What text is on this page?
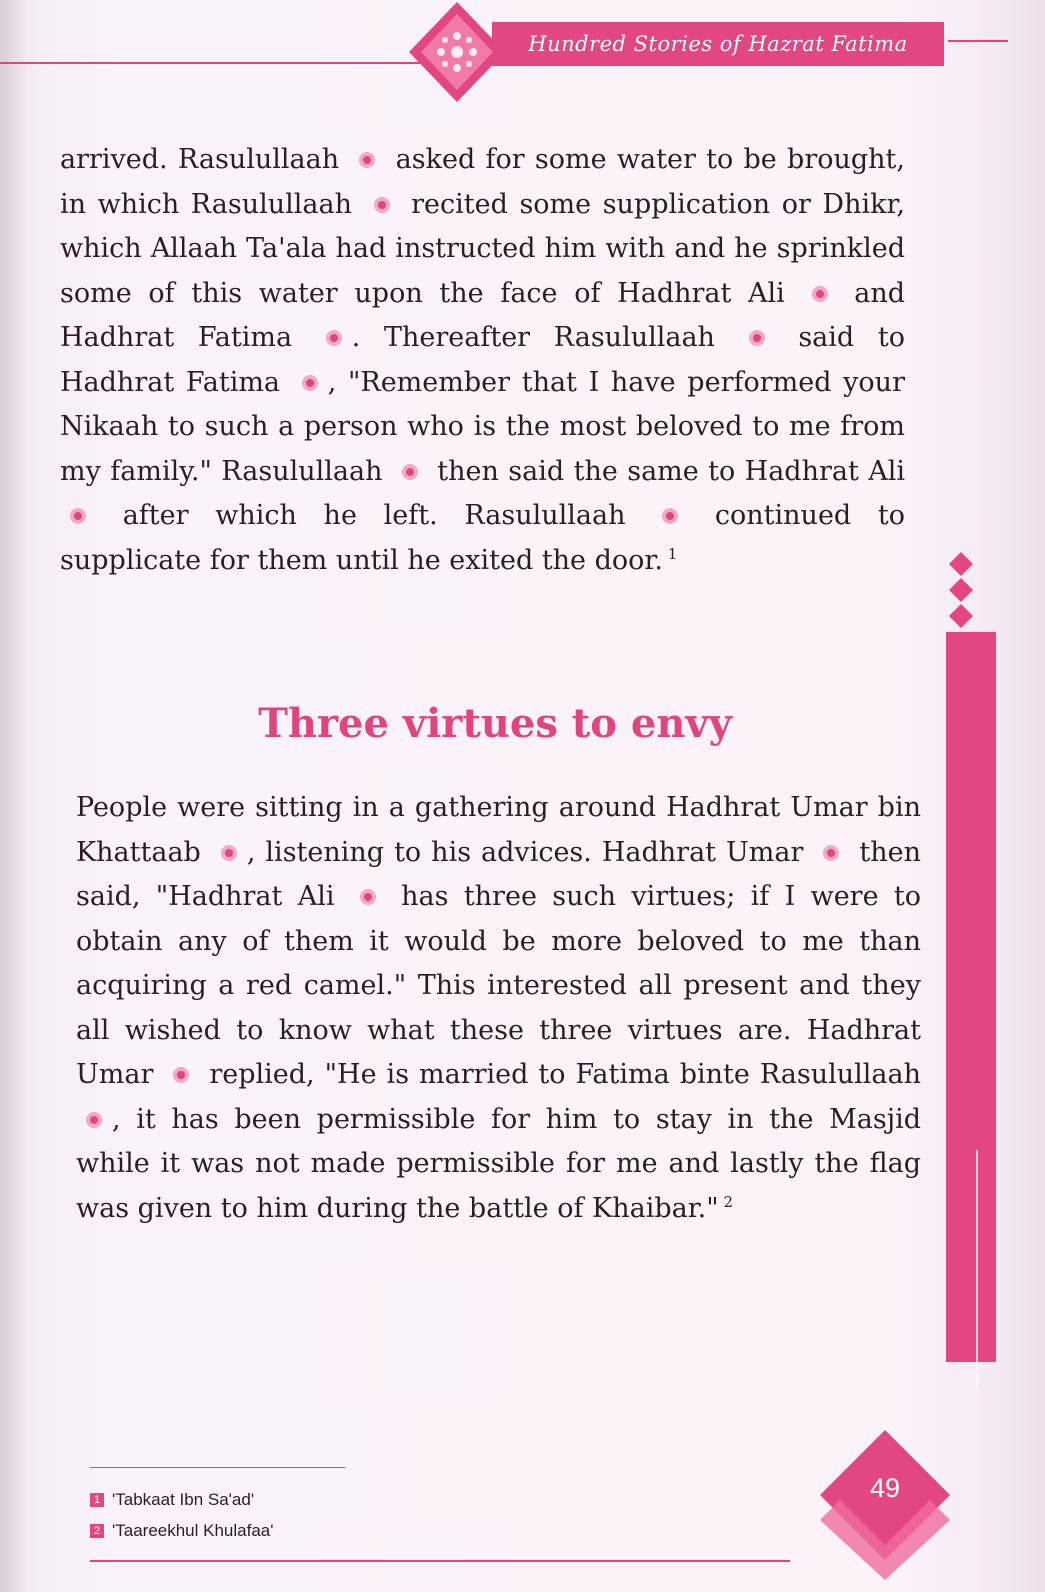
Hundred Stories of Hazrat Fatima

arrived. Rasulullaah  asked for some water to be brought, in which Rasulullaah  recited some supplication or Dhikr, which Allaah Ta'ala had instructed him with and he sprinkled some of this water upon the face of Hadhrat Ali  and Hadhrat Fatima . Thereafter Rasulullaah  said to Hadhrat Fatima , "Remember that I have performed your Nikaah to such a person who is the most beloved to me from my family." Rasulullaah  then said the same to Hadhrat Ali  after which he left. Rasulullaah  continued to supplicate for them until he exited the door. $^1$

Three virtues to envy

People were sitting in a gathering around Hadhrat Umar bin Khattaab , listening to his advices. Hadhrat Umar  then said, "Hadhrat Ali  has three such virtues; if I were to obtain any of them it would be more beloved to me than acquiring a red camel." This interested all present and they all wished to know what these three virtues are. Hadhrat Umar  replied, "He is married to Fatima binte Rasulullaah , it has been permissible for him to stay in the Masjid while it was not made permissible for me and lastly the flag was given to him during the battle of Khaibar." $^2$

1 'Tabkaat Ibn Sa'ad'
2 'Taareekhul Khulafaa'
49
